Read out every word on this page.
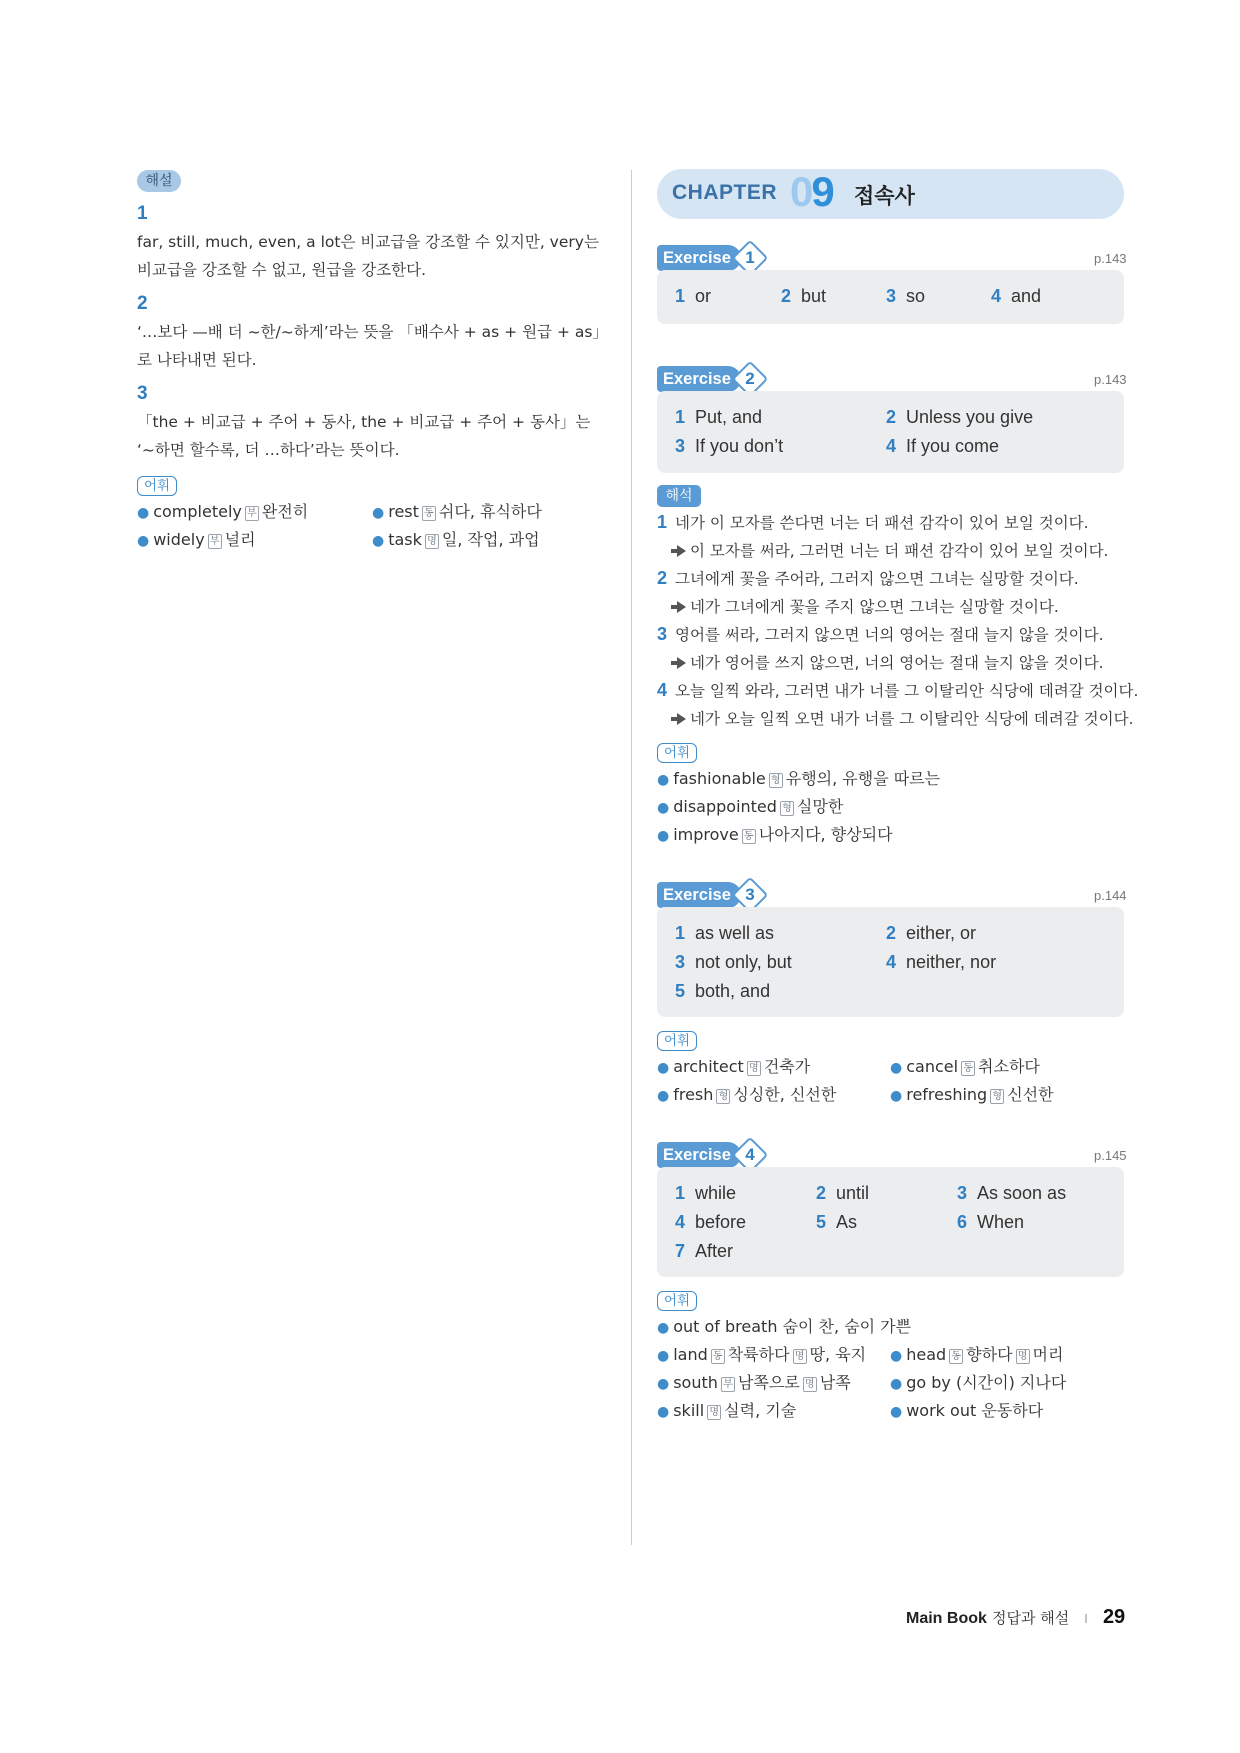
해설
1
far, still, much, even, a lot은 비교급을 강조할 수 있지만, very는 비교급을 강조할 수 없고, 원급을 강조한다.
2
‘…보다 —배 더 ~한/~하게’라는 뜻을 「배수사 + as + 원급 + as」로 나타내면 된다.
3
「the + 비교급 + 주어 + 동사, the + 비교급 + 주어 + 동사」는 ‘~하면 할수록, 더 …하다’라는 뜻이다.
어휘
● completely 부 완전히	● rest 동 쉬다, 휴식하다
● widely 부 널리	● task 명 일, 작업, 과업
CHAPTER 09 접속사
Exercise 1	p.143
1 or	2 but	3 so	4 and
Exercise 2	p.143
1 Put, and	2 Unless you give
3 If you don’t	4 If you come
해석
1 네가 이 모자를 쓴다면 너는 더 패션 감각이 있어 보일 것이다.
이 모자를 써라, 그러면 너는 더 패션 감각이 있어 보일 것이다.
2 그녀에게 꽃을 주어라, 그러지 않으면 그녀는 실망할 것이다.
네가 그녀에게 꽃을 주지 않으면 그녀는 실망할 것이다.
3 영어를 써라, 그러지 않으면 너의 영어는 절대 늘지 않을 것이다.
네가 영어를 쓰지 않으면, 너의 영어는 절대 늘지 않을 것이다.
4 오늘 일찍 와라, 그러면 내가 너를 그 이탈리안 식당에 데려갈 것이다.
네가 오늘 일찍 오면 내가 너를 그 이탈리안 식당에 데려갈 것이다.
어휘
● fashionable 형 유행의, 유행을 따르는
● disappointed 형 실망한
● improve 동 나아지다, 향상되다
Exercise 3	p.144
1 as well as	2 either, or
3 not only, but	4 neither, nor
5 both, and
어휘
● architect 명 건축가	● cancel 동 취소하다
● fresh 형 싱싱한, 신선한	● refreshing 형 신선한
Exercise 4	p.145
1 while	2 until	3 As soon as
4 before	5 As	6 When
7 After
어휘
● out of breath 숨이 찬, 숨이 가쁜
● land 동 착륙하다 명 땅, 육지 ● head 동 향하다 명 머리
● south 부 남쪽으로 명 남쪽	● go by (시간이) 지나다
● skill 명 실력, 기술	● work out 운동하다
Main Book 정답과 해설 I 29
